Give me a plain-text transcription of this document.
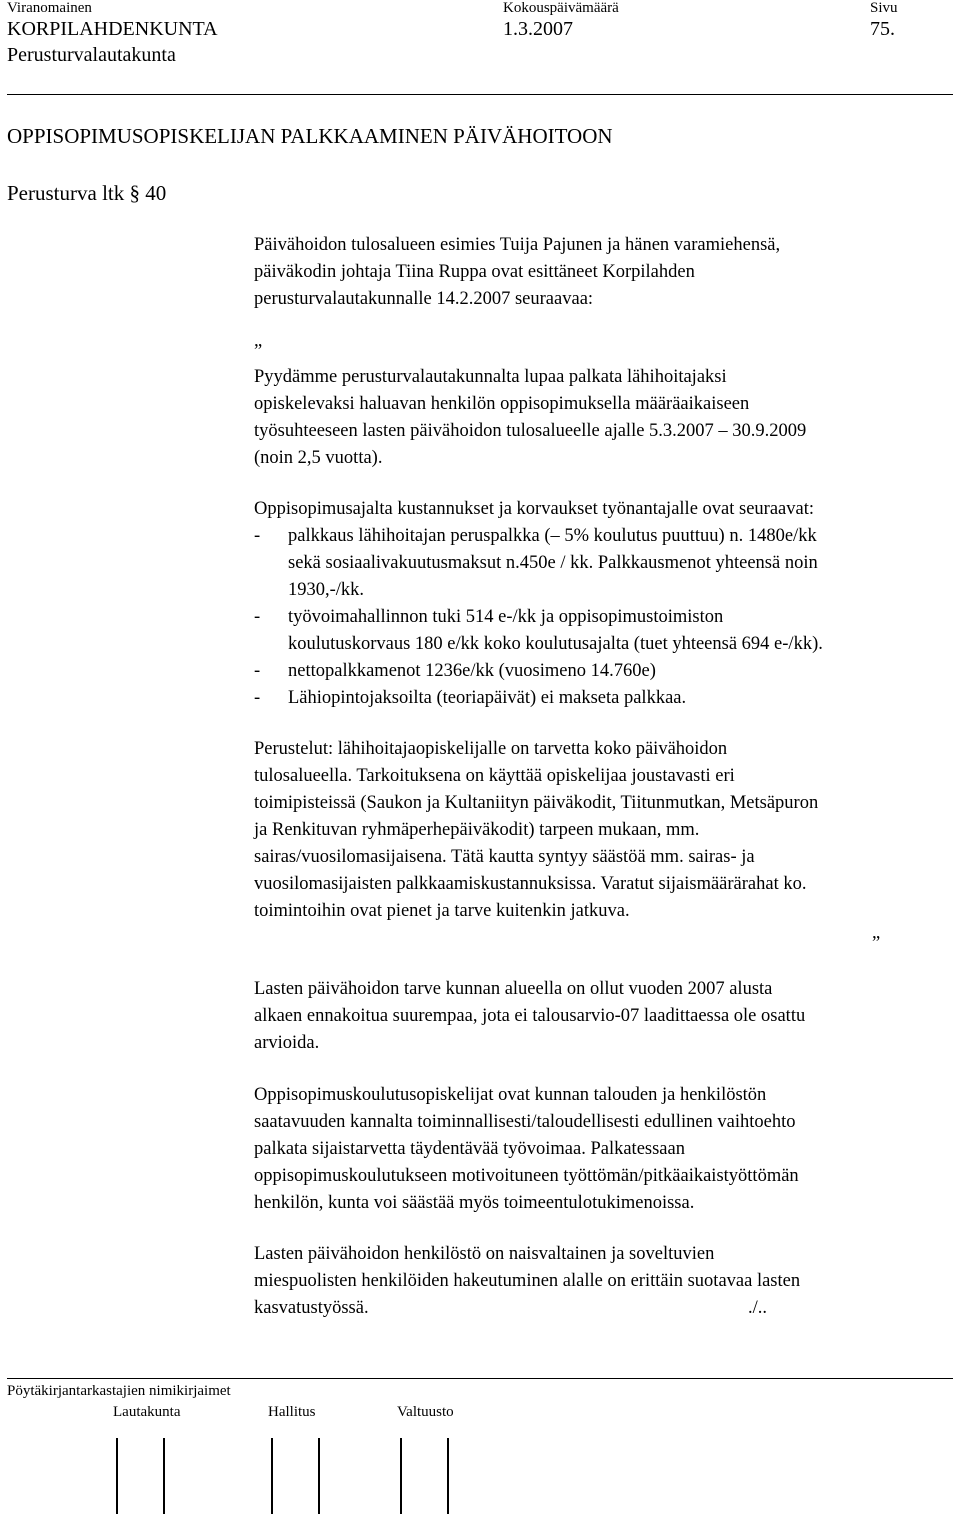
Viranomainen	Kokouspäivämäärä	Sivu
KORPILAHDENKUNTA	1.3.2007	75.
Perusturvalautakunta
OPPISOPIMUSOPISKELIJAN PALKKAAMINEN PÄIVÄHOITOON
Perusturva ltk § 40
Päivähoidon tulosalueen esimies Tuija Pajunen ja hänen varamiehensä,
päiväkodin johtaja Tiina Ruppa ovat esittäneet Korpilahden
perusturvalautakunnalle 14.2.2007 seuraavaa:
„
Pyydämme perusturvalautakunnalta lupaa palkata lähihoitajaksi
opiskelevaksi haluavan henkilön oppisopimuksella määräaikaiseen
työsuhteeseen lasten päivähoidon tulosalueelle ajalle 5.3.2007 – 30.9.2009
(noin 2,5 vuotta).
Oppisopimusajalta kustannukset ja korvaukset työnantajalle ovat seuraavat:
- palkkaus lähihoitajan peruspalkka (– 5% koulutus puuttuu) n. 1480e/kk
sekä sosiaalivakuutusmaksut n.450e / kk. Palkkausmenot yhteensä noin
1930,-/kk.
- työvoimahallinnon tuki 514 e-/kk ja oppisopimustoimiston
koulutuskorvaus 180 e/kk koko koulutusajalta (tuet yhteensä 694 e-/kk).
- nettopalkkamenot 1236e/kk (vuosimeno 14.760e)
- Lähiopintojaksoilta (teoriapäivät) ei makseta palkkaa.
Perustelut: lähihoitajaopiskelijalle on tarvetta koko päivähoidon
tulosalueella. Tarkoituksena on käyttää opiskelijaa joustavasti eri
toimipisteissä (Saukon ja Kultaniityn päiväkodit, Tiitunmutkan, Metsäpuron
ja Renkituvan ryhmäperhepäiväkodit) tarpeen mukaan, mm.
sairas/vuosilomasijaisena. Tätä kautta syntyy säästöä mm. sairas- ja
vuosilomasijaisten palkkaamiskustannuksissa. Varatut sijaismäärärahat ko.
toimintoihin ovat pienet ja tarve kuitenkin jatkuva.
„
Lasten päivähoidon tarve kunnan alueella on ollut vuoden 2007 alusta
alkaen ennakoitua suurempaa, jota ei talousarvio-07 laadittaessa ole osattu
arvioida.
Oppisopimuskoulutusopiskelijat ovat kunnan talouden ja henkilöstön
saatavuuden kannalta toiminnallisesti/taloudellisesti edullinen vaihtoehto
palkata sijaistarvetta täydentävää työvoimaa. Palkatessaan
oppisopimuskoulutukseen motivoituneen työttömän/pitkäaikaistyöttömän
henkilön, kunta voi säästää myös toimeentulotukimenoissa.
Lasten päivähoidon henkilöstö on naisvaltainen ja soveltuvien
miespuolisten henkilöiden hakeutuminen alalle on erittäin suotavaa lasten
kasvatustyössä.	./..
Pöytäkirjantarkastajien nimikirjaimet
Lautakunta	Hallitus	Valtuusto
